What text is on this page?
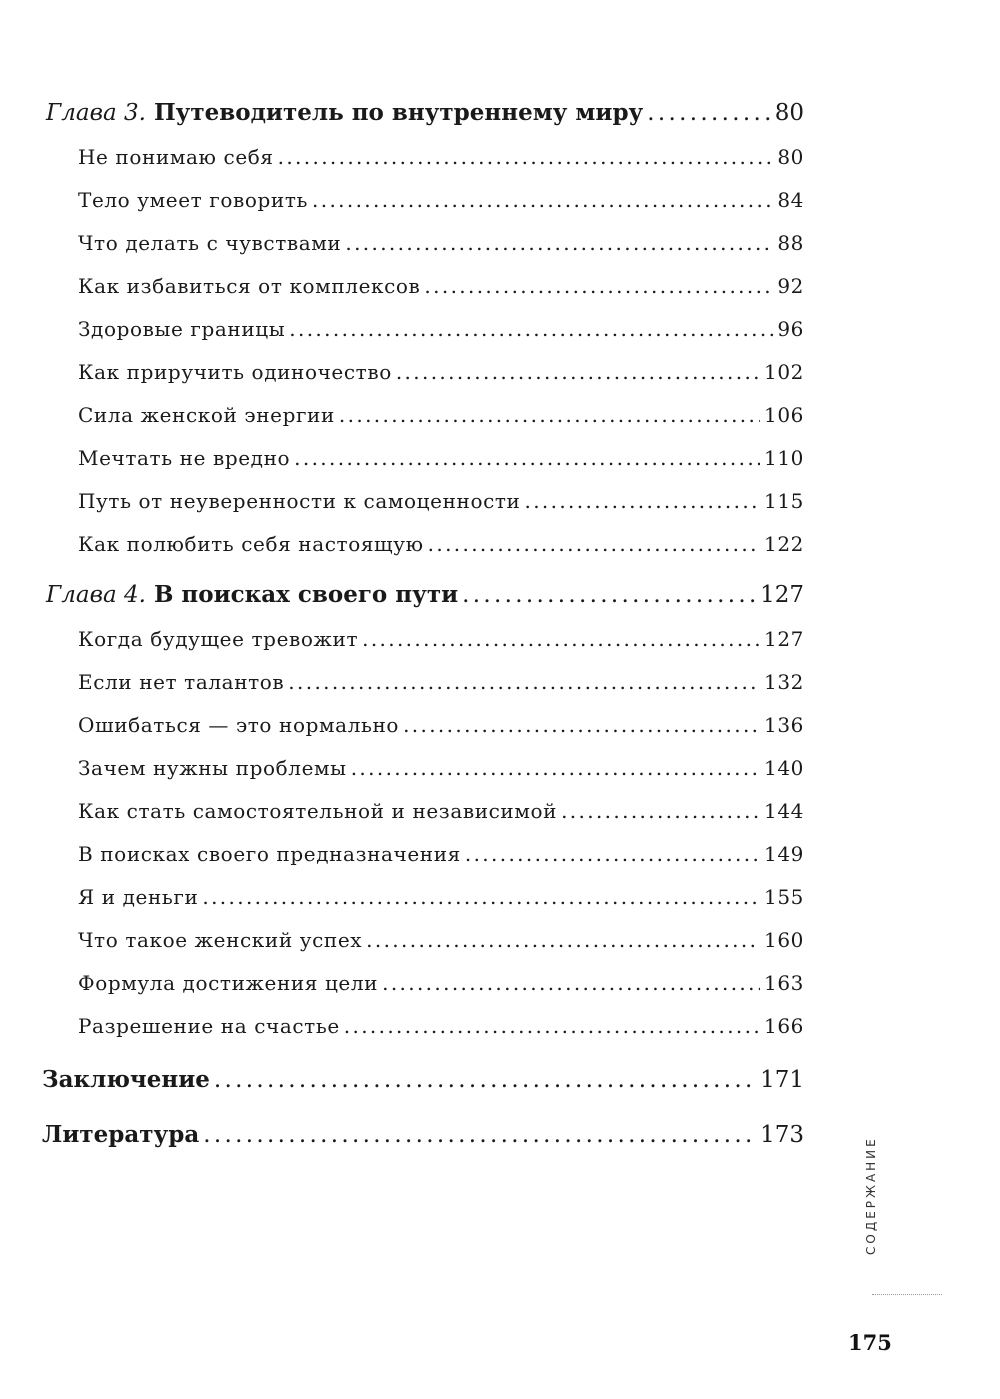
Глава 3. Путеводитель по внутреннему миру . . .	80
Не понимаю себя . . .	80
Тело умеет говорить . . .	84
Что делать с чувствами . . .	88
Как избавиться от комплексов . . .	92
Здоровые границы . . .	96
Как приручить одиночество . . .	102
Сила женской энергии . . .	106
Мечтать не вредно . . .	110
Путь от неуверенности к самоценности . . .	115
Как полюбить себя настоящую . . .	122
Глава 4. В поисках своего пути . . .	127
Когда будущее тревожит . . .	127
Если нет талантов . . .	132
Ошибаться — это нормально . . .	136
Зачем нужны проблемы . . .	140
Как стать самостоятельной и независимой . . .	144
В поисках своего предназначения . . .	149
Я и деньги . . .	155
Что такое женский успех . . .	160
Формула достижения цели . . .	163
Разрешение на счастье . . .	166
Заключение . . .	171
Литература . . .	173
СОДЕРЖАНИЕ
175
